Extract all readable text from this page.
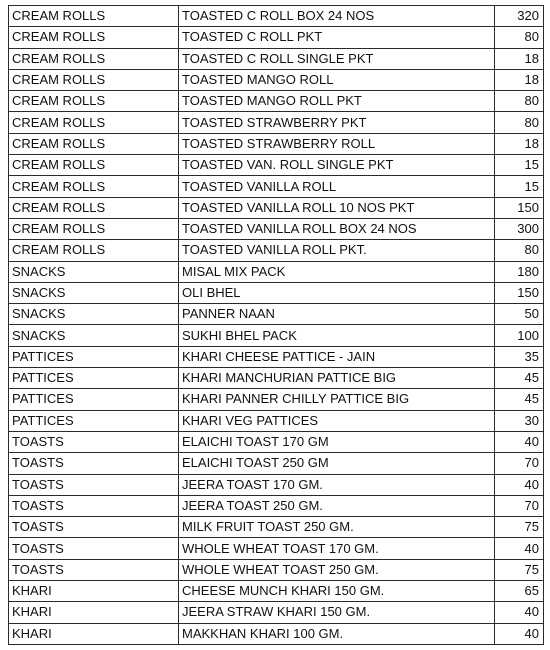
CREAM ROLLS	TOASTED C ROLL BOX 24 NOS	320
CREAM ROLLS	TOASTED C ROLL PKT	80
CREAM ROLLS	TOASTED C ROLL SINGLE PKT	18
CREAM ROLLS	TOASTED MANGO ROLL	18
CREAM ROLLS	TOASTED MANGO ROLL PKT	80
CREAM ROLLS	TOASTED STRAWBERRY PKT	80
CREAM ROLLS	TOASTED STRAWBERRY ROLL	18
CREAM ROLLS	TOASTED VAN. ROLL SINGLE PKT	15
CREAM ROLLS	TOASTED VANILLA ROLL	15
CREAM ROLLS	TOASTED VANILLA ROLL 10 NOS PKT	150
CREAM ROLLS	TOASTED VANILLA ROLL BOX 24 NOS	300
CREAM ROLLS	TOASTED VANILLA ROLL PKT.	80
SNACKS	MISAL MIX PACK	180
SNACKS	OLI BHEL	150
SNACKS	PANNER NAAN	50
SNACKS	SUKHI BHEL PACK	100
PATTICES	KHARI CHEESE PATTICE - JAIN	35
PATTICES	KHARI MANCHURIAN PATTICE BIG	45
PATTICES	KHARI PANNER CHILLY PATTICE BIG	45
PATTICES	KHARI VEG PATTICES	30
TOASTS	ELAICHI TOAST 170 GM	40
TOASTS	ELAICHI TOAST 250 GM	70
TOASTS	JEERA TOAST 170 GM.	40
TOASTS	JEERA TOAST 250 GM.	70
TOASTS	MILK FRUIT TOAST 250 GM.	75
TOASTS	WHOLE WHEAT TOAST 170 GM.	40
TOASTS	WHOLE WHEAT TOAST 250 GM.	75
KHARI	CHEESE MUNCH KHARI 150 GM.	65
KHARI	JEERA STRAW KHARI 150 GM.	40
KHARI	MAKKHAN KHARI 100 GM.	40
